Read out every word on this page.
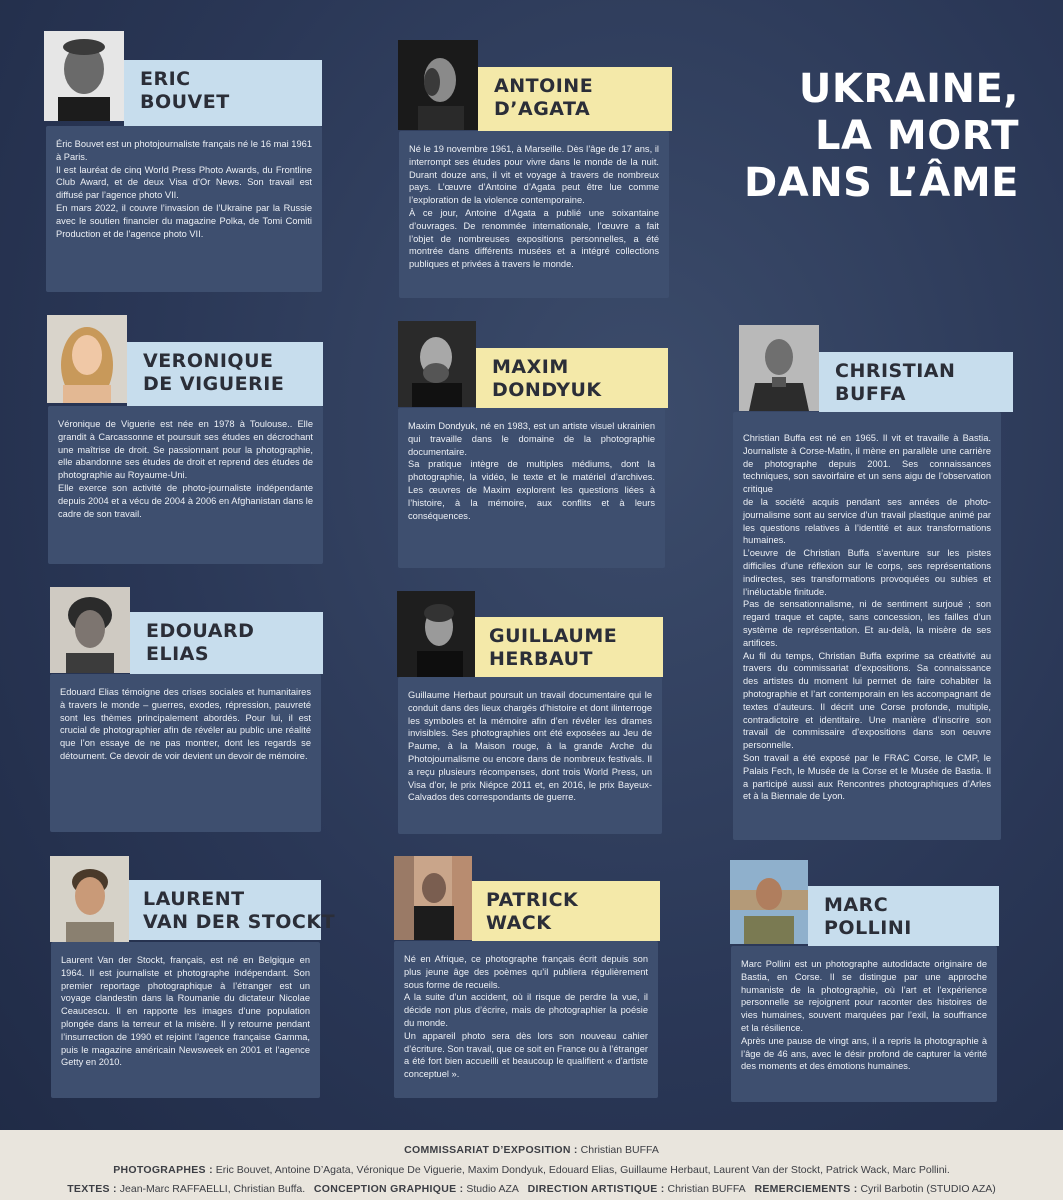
UKRAINE,
LA MORT
DANS L’ÂME
ERIC
BOUVET
Éric Bouvet est un photojournaliste français né le 16 mai 1961 à Paris.
Il est lauréat de cinq World Press Photo Awards, du Frontline Club Award, et de deux Visa d’Or News. Son travail est diffusé par l’agence photo VII.
En mars 2022, il couvre l’invasion de l’Ukraine par la Russie avec le soutien financier du magazine Polka, de Tomi Comiti Production et de l’agence photo VII.
ANTOINE
D’AGATA
Né le 19 novembre 1961, à Marseille. Dès l’âge de 17 ans, il interrompt ses études pour vivre dans le monde de la nuit. Durant douze ans, il vit et voyage à travers de nombreux pays. L’œuvre d’Antoine d’Agata peut être lue comme l’exploration de la violence contemporaine.
À ce jour, Antoine d’Agata a publié une soixantaine d’ouvrages. De renommée internationale, l’œuvre a fait l’objet de nombreuses expositions personnelles, a été montrée dans différents musées et a intégré collections publiques et privées à travers le monde.
VERONIQUE
DE VIGUERIE
Véronique de Viguerie est née en 1978 à Toulouse.. Elle grandit à Carcassonne et poursuit ses études en décrochant une maîtrise de droit. Se passionnant pour la photographie, elle abandonne ses études de droit et reprend des études de photographie au Royaume-Uni.
Elle exerce son activité de photo-journaliste indépendante depuis 2004 et a vécu de 2004 à 2006 en Afghanistan dans le cadre de son travail.
MAXIM
DONDYUK
Maxim Dondyuk, né en 1983, est un artiste visuel ukrainien qui travaille dans le domaine de la photographie documentaire.
Sa pratique intègre de multiples médiums, dont la photographie, la vidéo, le texte et le matériel d’archives. Les œuvres de Maxim explorent les questions liées à l’histoire, à la mémoire, aux conflits et à leurs conséquences.
CHRISTIAN
BUFFA
Christian Buffa est né en 1965. Il vit et travaille à Bastia. Journaliste à Corse-Matin, il mène en parallèle une carrière de photographe depuis 2001. Ses connaissances techniques, son savoirfaire et un sens aigu de l’observation critique
de la société acquis pendant ses années de photo-journalisme sont au service d’un travail plastique animé par les questions relatives à l’identité et aux transformations humaines.
L’oeuvre de Christian Buffa s’aventure sur les pistes difficiles d’une réflexion sur le corps, ses représentations indirectes, ses transformations provoquées ou subies et l’inéluctable finitude.
Pas de sensationnalisme, ni de sentiment surjoué ; son regard traque et capte, sans concession, les failles d’un système de représentation. Et au-delà, la misère de ses artifices.
Au fil du temps, Christian Buffa exprime sa créativité au travers du commissariat d’expositions. Sa connaissance des artistes du moment lui permet de faire cohabiter la photographie et l’art contemporain en les accompagnant de textes d’auteurs. Il décrit une Corse profonde, multiple, contradictoire et identitaire. Une manière d’inscrire son travail de commissaire d’expositions dans son oeuvre personnelle.
Son travail a été exposé par le FRAC Corse, le CMP, le Palais Fech, le Musée de la Corse et le Musée de Bastia. Il a participé aussi aux Rencontres photographiques d’Arles et à la Biennale de Lyon.
EDOUARD
ELIAS
Edouard Elias témoigne des crises sociales et humanitaires à travers le monde – guerres, exodes, répression, pauvreté sont les thèmes principalement abordés. Pour lui, il est crucial de photographier afin de révéler au public une réalité que l’on essaye de ne pas montrer, dont les regards se détournent. Ce devoir de voir devient un devoir de mémoire.
GUILLAUME
HERBAUT
Guillaume Herbaut poursuit un travail documentaire qui le conduit dans des lieux chargés d’histoire et dont ilinterroge les symboles et la mémoire afin d’en révéler les drames invisibles. Ses photographies ont été exposées au Jeu de Paume, à la Maison rouge, à la grande Arche du Photojournalisme ou encore dans de nombreux festivals. Il a reçu plusieurs récompenses, dont trois World Press, un Visa d’or, le prix Niépce 2011 et, en 2016, le prix Bayeux-Calvados des correspondants de guerre.
LAURENT
VAN DER STOCKT
Laurent Van der Stockt, français, est né en Belgique en 1964. Il est journaliste et photographe indépendant. Son premier reportage photographique à l’étranger est un voyage clandestin dans la Roumanie du dictateur Nicolae Ceaucescu. Il en rapporte les images d’une population plongée dans la terreur et la misère. Il y retourne pendant l’insurrection de 1990 et rejoint l’agence française Gamma, puis le magazine américain Newsweek en 2001 et l’agence Getty en 2010.
PATRICK
WACK
Né en Afrique, ce photographe français écrit depuis son plus jeune âge des poèmes qu’il publiera régulièrement sous forme de recueils.
A la suite d’un accident, où il risque de perdre la vue, il décide non plus d’écrire, mais de photographier la poésie du monde.
Un appareil photo sera dès lors son nouveau cahier d’écriture. Son travail, que ce soit en France ou à l’étranger a été fort bien accueilli et beaucoup le qualifient « d’artiste conceptuel ».
MARC
POLLINI
Marc Pollini est un photographe autodidacte originaire de Bastia, en Corse. Il se distingue par une approche humaniste de la photographie, où l’art et l’expérience personnelle se rejoignent pour raconter des histoires de vies humaines, souvent marquées par l’exil, la souffrance et la résilience.
Après une pause de vingt ans, il a repris la photographie à l’âge de 46 ans, avec le désir profond de capturer la vérité des moments et des émotions humaines.
COMMISSARIAT D’EXPOSITION : Christian BUFFA
PHOTOGRAPHES : Eric Bouvet, Antoine D’Agata, Véronique De Viguerie, Maxim Dondyuk, Edouard Elias, Guillaume Herbaut, Laurent Van der Stockt, Patrick Wack, Marc Pollini.
TEXTES : Jean-Marc RAFFAELLI, Christian Buffa. CONCEPTION GRAPHIQUE : Studio AZA DIRECTION ARTISTIQUE : Christian BUFFA REMERCIEMENTS : Cyril Barbotin (STUDIO AZA)
